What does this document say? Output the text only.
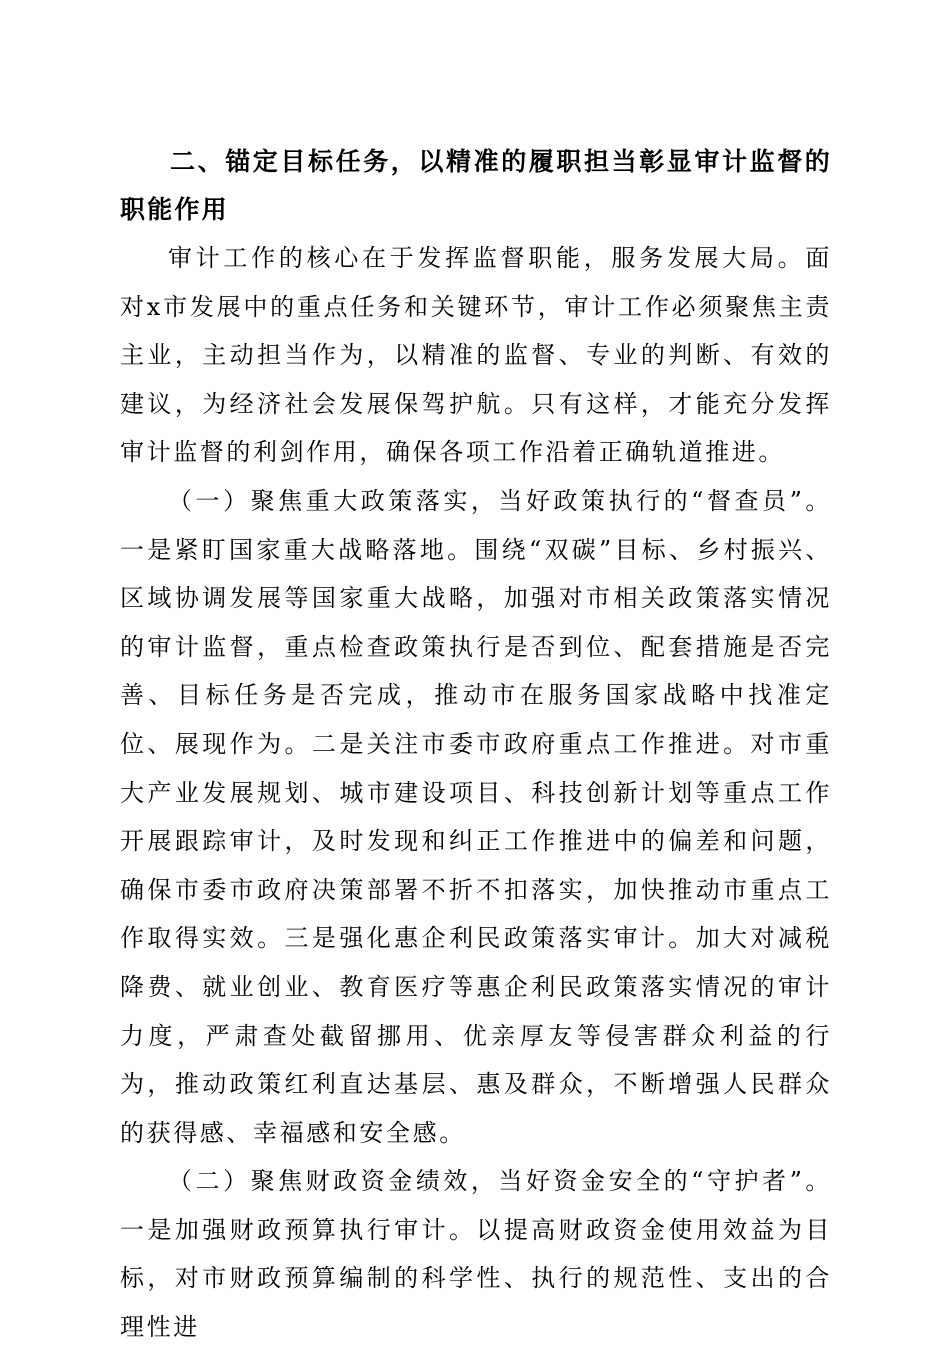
二、锚定目标任务，以精准的履职担当彰显审计监督的职能作用

审计工作的核心在于发挥监督职能，服务发展大局。面对x市发展中的重点任务和关键环节，审计工作必须聚焦主责主业，主动担当作为，以精准的监督、专业的判断、有效的建议，为经济社会发展保驾护航。只有这样，才能充分发挥审计监督的利剑作用，确保各项工作沿着正确轨道推进。

（一）聚焦重大政策落实，当好政策执行的“督查员”。一是紧盯国家重大战略落地。围绕“双碳”目标、乡村振兴、区域协调发展等国家重大战略，加强对市相关政策落实情况的审计监督，重点检查政策执行是否到位、配套措施是否完善、目标任务是否完成，推动市在服务国家战略中找准定位、展现作为。二是关注市委市政府重点工作推进。对市重大产业发展规划、城市建设项目、科技创新计划等重点工作开展跟踪审计，及时发现和纠正工作推进中的偏差和问题，确保市委市政府决策部署不折不扣落实，加快推动市重点工作取得实效。三是强化惠企利民政策落实审计。加大对减税降费、就业创业、教育医疗等惠企利民政策落实情况的审计力度，严肃查处截留挪用、优亲厚友等侵害群众利益的行为，推动政策红利直达基层、惠及群众，不断增强人民群众的获得感、幸福感和安全感。

（二）聚焦财政资金绩效，当好资金安全的“守护者”。一是加强财政预算执行审计。以提高财政资金使用效益为目标，对市财政预算编制的科学性、执行的规范性、支出的合理性进
